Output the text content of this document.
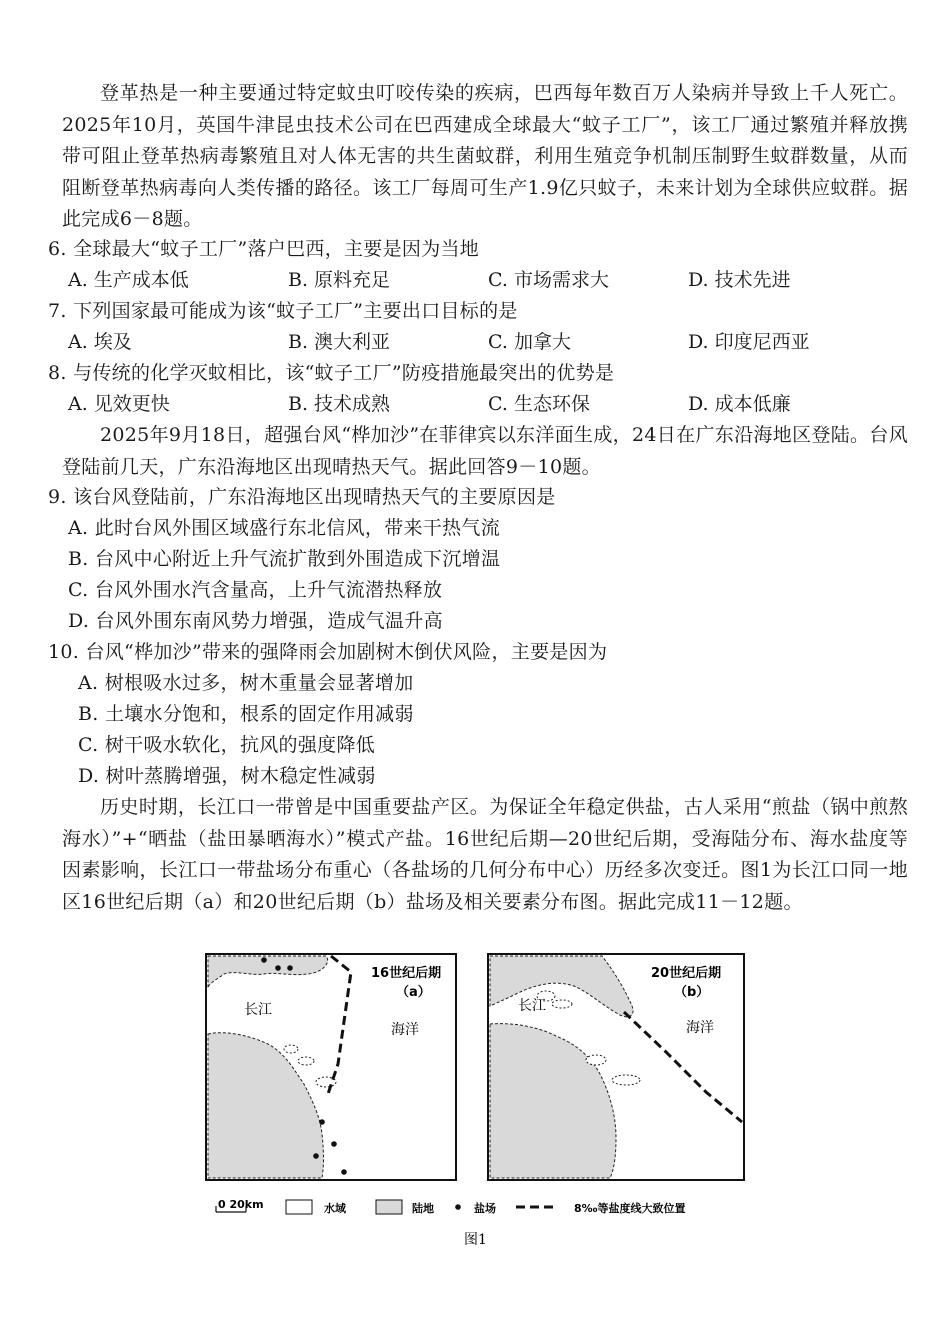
登革热是一种主要通过特定蚊虫叮咬传染的疾病，巴西每年数百万人染病并导致上千人死亡。2025年10月，英国牛津昆虫技术公司在巴西建成全球最大“蚊子工厂”，该工厂通过繁殖并释放携带可阻止登革热病毒繁殖且对人体无害的共生菌蚊群，利用生殖竞争机制压制野生蚊群数量，从而阻断登革热病毒向人类传播的路径。该工厂每周可生产1.9亿只蚊子，未来计划为全球供应蚊群。据此完成6－8题。
6. 全球最大“蚊子工厂”落户巴西，主要是因为当地
A. 生产成本低	B. 原料充足	C. 市场需求大	D. 技术先进
7. 下列国家最可能成为该“蚊子工厂”主要出口目标的是
A. 埃及	B. 澳大利亚	C. 加拿大	D. 印度尼西亚
8. 与传统的化学灭蚊相比，该“蚊子工厂”防疫措施最突出的优势是
A. 见效更快	B. 技术成熟	C. 生态环保	D. 成本低廉
2025年9月18日，超强台风“桦加沙”在菲律宾以东洋面生成，24日在广东沿海地区登陆。台风登陆前几天，广东沿海地区出现晴热天气。据此回答9－10题。
9. 该台风登陆前，广东沿海地区出现晴热天气的主要原因是
A. 此时台风外围区域盛行东北信风，带来干热气流
B. 台风中心附近上升气流扩散到外围造成下沉增温
C. 台风外围水汽含量高，上升气流潜热释放
D. 台风外围东南风势力增强，造成气温升高
10. 台风“桦加沙”带来的强降雨会加剧树木倒伏风险，主要是因为
A. 树根吸水过多，树木重量会显著增加
B. 土壤水分饱和，根系的固定作用减弱
C. 树干吸水软化，抗风的强度降低
D. 树叶蒸腾增强，树木稳定性减弱
历史时期，长江口一带曾是中国重要盐产区。为保证全年稳定供盐，古人采用“煎盐（锅中煎熬海水）”+“晒盐（盐田暴晒海水）”模式产盐。16世纪后期—20世纪后期，受海陆分布、海水盐度等因素影响，长江口一带盐场分布重心（各盐场的几何分布中心）历经多次变迁。图1为长江口同一地区16世纪后期（a）和20世纪后期（b）盐场及相关要素分布图。据此完成11－12题。
16世纪后期
（a）
长江
海洋
20世纪后期
（b）
长江
海洋
0 20km	水域	陆地	盐场	8‰等盐度线大致位置
图1
